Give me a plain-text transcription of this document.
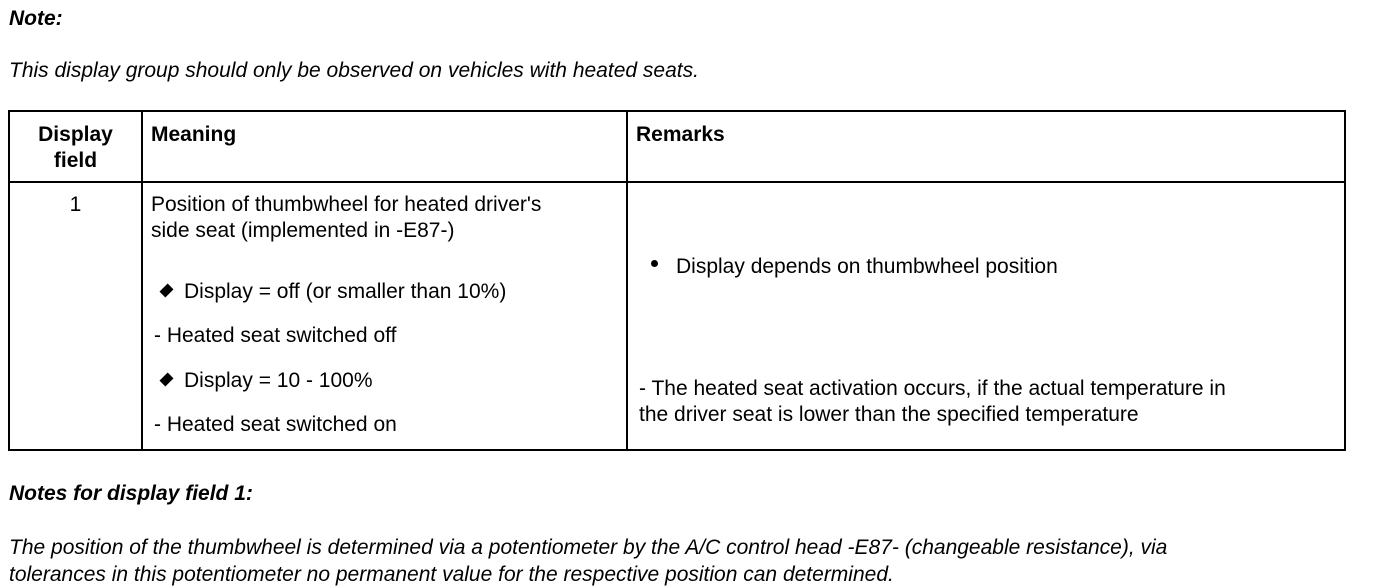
Note:
This display group should only be observed on vehicles with heated seats.
Display
field
Meaning	Remarks
1	Position of thumbwheel for heated driver's
side seat (implemented in -E87-)
Display = off (or smaller than 10%)
- Heated seat switched off
Display = 10 - 100%
- Heated seat switched on
Display depends on thumbwheel position
- The heated seat activation occurs, if the actual temperature in
the driver seat is lower than the specified temperature
Notes for display field 1:
The position of the thumbwheel is determined via a potentiometer by the A/C control head -E87- (changeable resistance), via
tolerances in this potentiometer no permanent value for the respective position can determined.
